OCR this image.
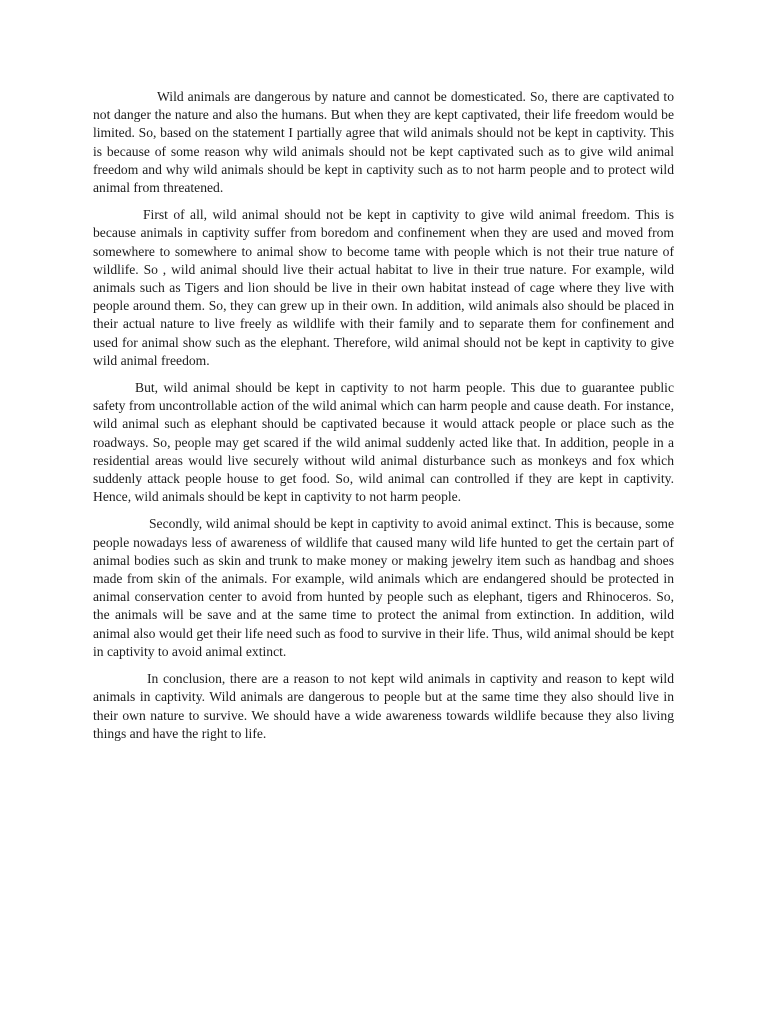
Wild animals are dangerous by nature and cannot be domesticated. So, there are captivated to not danger the nature and also the humans. But when they are kept captivated, their life freedom would be limited. So, based on the statement I partially agree that wild animals should not be kept in captivity. This is because of some reason why wild animals should not be kept captivated such as to give wild animal freedom and why wild animals should be kept in captivity such as to not harm people and to protect wild animal from threatened.

First of all, wild animal should not be kept in captivity to give wild animal freedom. This is because animals in captivity suffer from boredom and confinement when they are used and moved from somewhere to somewhere to animal show to become tame with people which is not their true nature of wildlife. So , wild animal should live their actual habitat to live in their true nature. For example, wild animals such as Tigers and lion should be live in their own habitat instead of cage where they live with people around them. So, they can grew up in their own. In addition, wild animals also should be placed in their actual nature to live freely as wildlife with their family and to separate them for confinement and used for animal show such as the elephant. Therefore, wild animal should not be kept in captivity to give wild animal freedom.

But, wild animal should be kept in captivity to not harm people. This due to guarantee public safety from uncontrollable action of the wild animal which can harm people and cause death. For instance, wild animal such as elephant should be captivated because it would attack people or place such as the roadways. So, people may get scared if the wild animal suddenly acted like that. In addition, people in a residential areas would live securely without wild animal disturbance such as monkeys and fox which suddenly attack people house to get food. So, wild animal can controlled if they are kept in captivity. Hence, wild animals should be kept in captivity to not harm people.

Secondly, wild animal should be kept in captivity to avoid animal extinct. This is because, some people nowadays less of awareness of wildlife that caused many wild life hunted to get the certain part of animal bodies such as skin and trunk to make money or making jewelry item such as handbag and shoes made from skin of the animals. For example, wild animals which are endangered should be protected in animal conservation center to avoid from hunted by people such as elephant, tigers and Rhinoceros. So, the animals will be save and at the same time to protect the animal from extinction. In addition, wild animal also would get their life need such as food to survive in their life. Thus, wild animal should be kept in captivity to avoid animal extinct.

In conclusion, there are a reason to not kept wild animals in captivity and reason to kept wild animals in captivity. Wild animals are dangerous to people but at the same time they also should live in their own nature to survive. We should have a wide awareness towards wildlife because they also living things and have the right to life.
